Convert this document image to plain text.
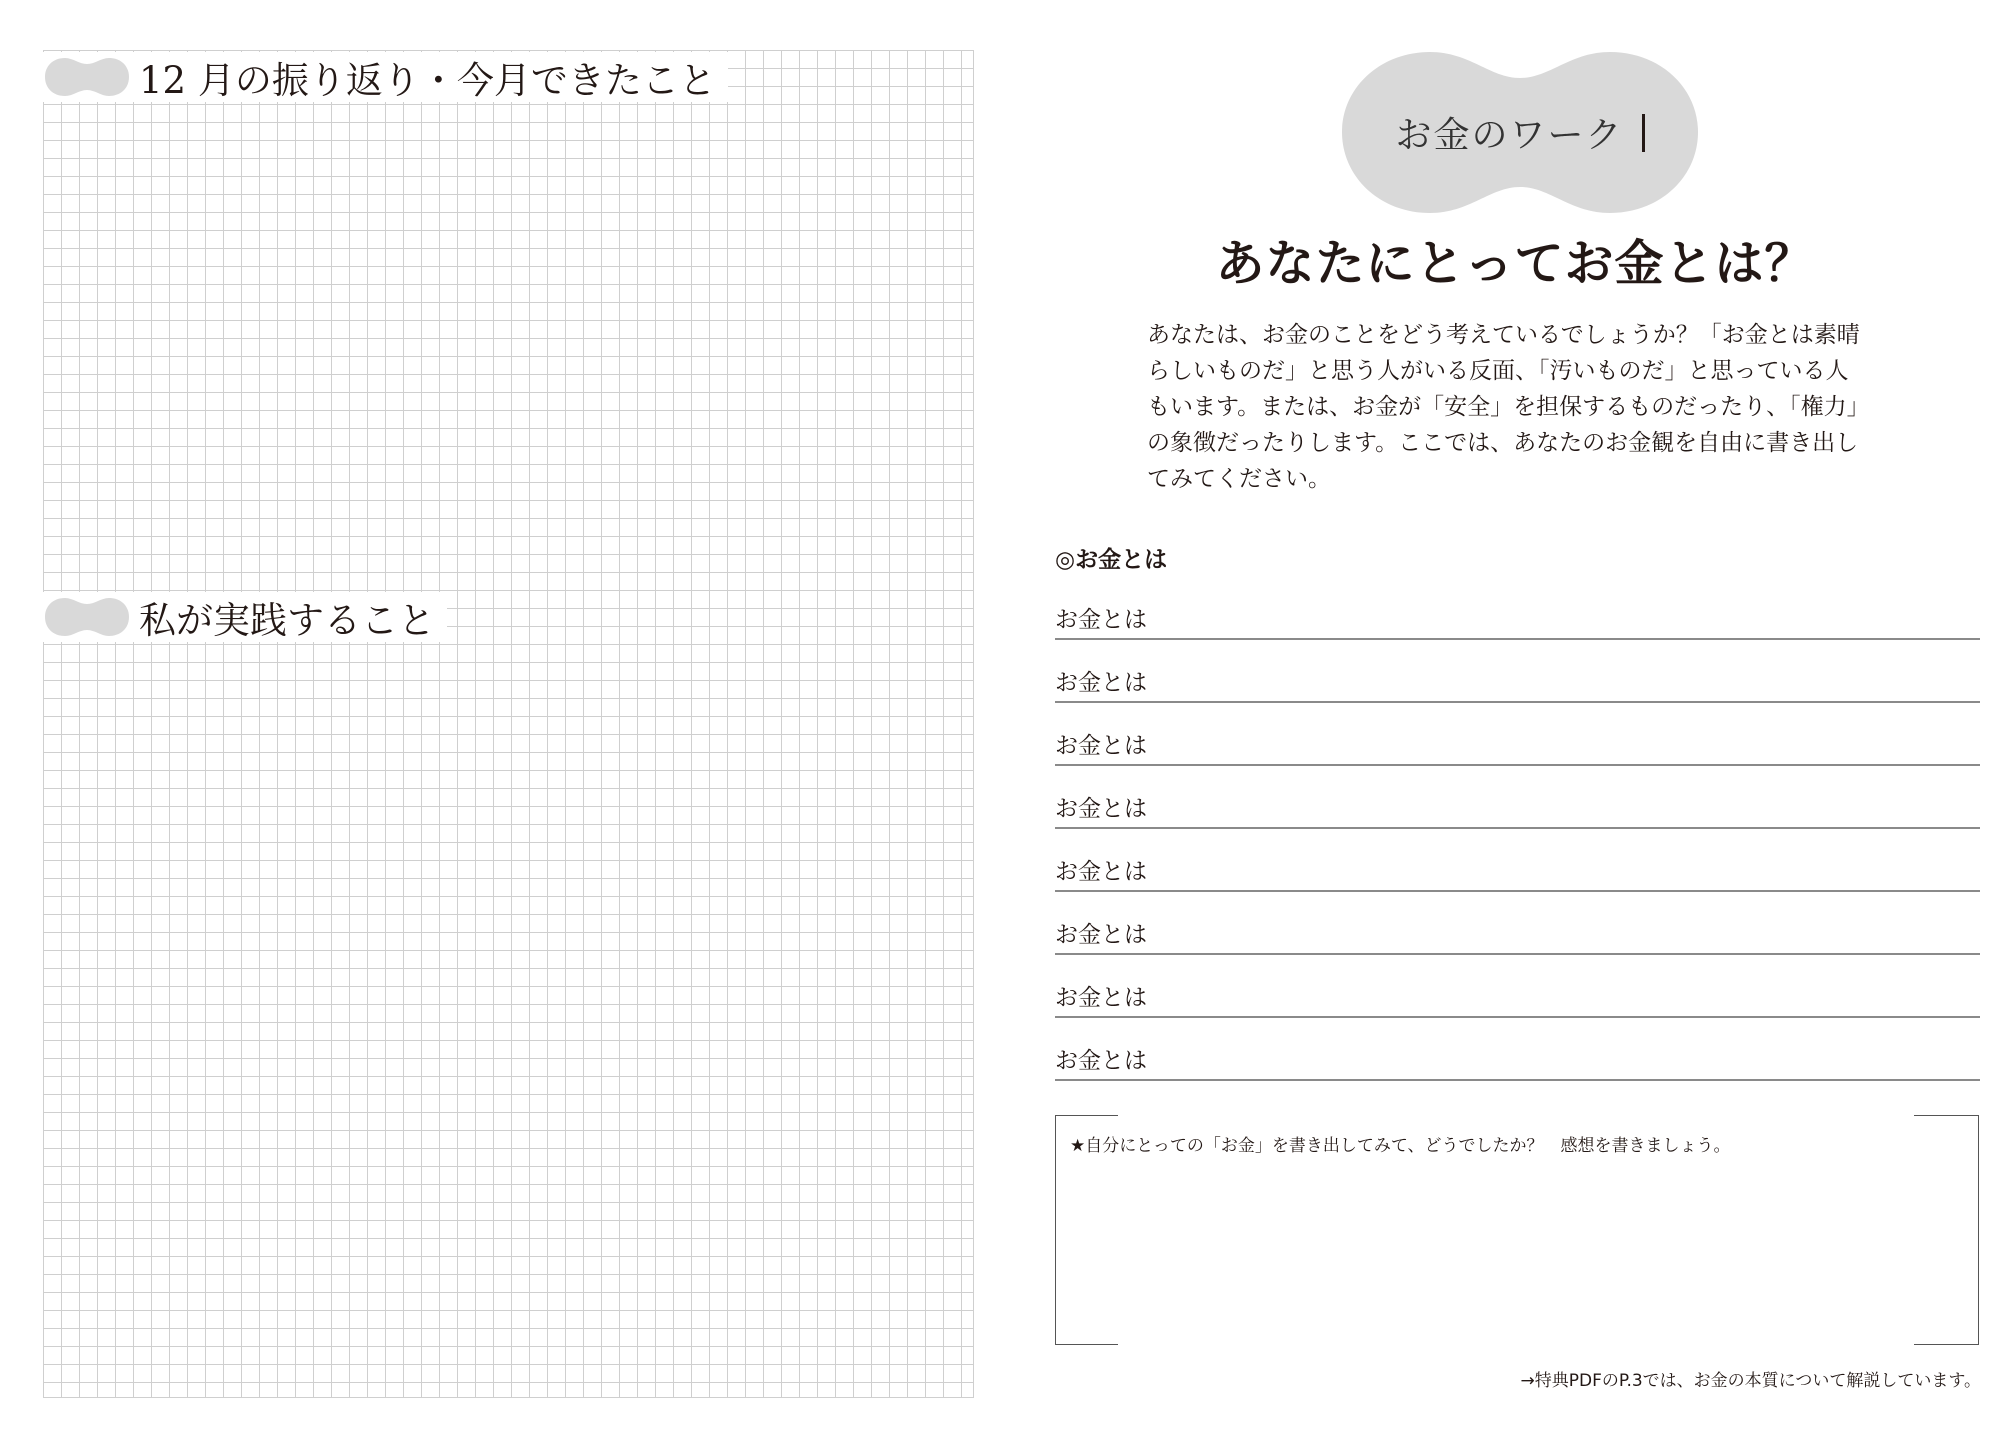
12 月の振り返り・今月できたこと
私が実践すること
お金のワーク
あなたにとってお金とは？
あなたは、お金のことをどう考えているでしょうか？「お金とは素晴
らしいものだ」と思う人がいる反面、「汚いものだ」と思っている人
もいます。または、お金が「安全」を担保するものだったり、「権力」
の象徴だったりします。ここでは、あなたのお金観を自由に書き出し
てみてください。
◎お金とは
お金とは
お金とは
お金とは
お金とは
お金とは
お金とは
お金とは
お金とは
★自分にとっての「お金」を書き出してみて、どうでしたか？　感想を書きましょう。
→特典PDFのP.3では、お金の本質について解説しています。
